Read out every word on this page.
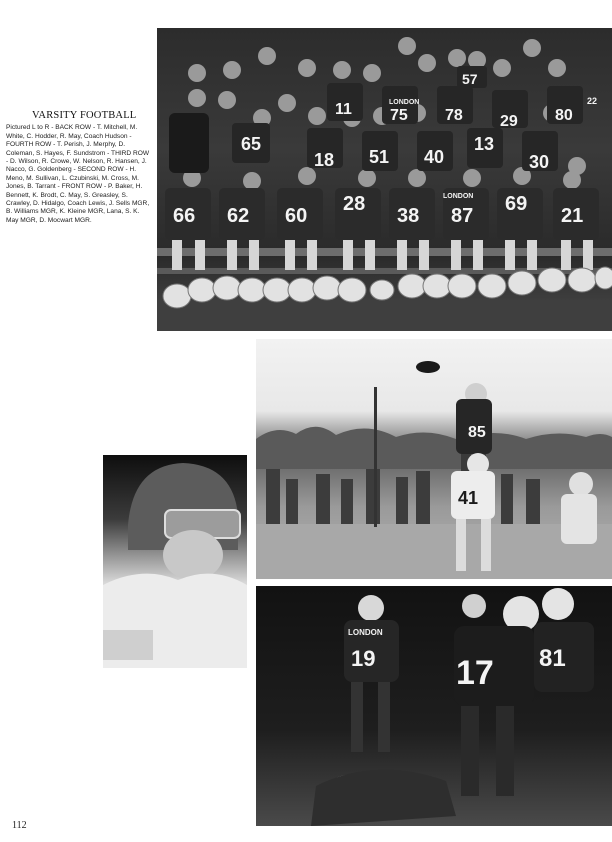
VARSITY FOOTBALL

Pictured L to R - BACK ROW - T. Mitchell, M. White, C. Hodder, R. May, Coach Hudson - FOURTH ROW - T. Perish, J. Merphy, D. Coleman, S. Hayes, F. Sundstrom - THIRD ROW - D. Wilson, R. Crowe, W. Nelson, R. Hansen, J. Nacco, G. Goldenberg - SECOND ROW - H. Meno, M. Sullivan, L. Czubinski, M. Cross, M. Jones, B. Tarrant - FRONT ROW - P. Baker, H. Bennett, K. Brodt, C. May, S. Greasley, S. Crawley, D. Hidalgo, Coach Lewis, J. Sells MGR, B. Williams MGR, K. Kleine MGR, Lana, S. K. May MGR, D. Mocwart MGR.	66 62 60
28
38 87
69
21
65
18 51 40
13
30
11 75 78 29 80
57
LONDON
LONDON
22
85
41
LONDON
19 17 81
112
